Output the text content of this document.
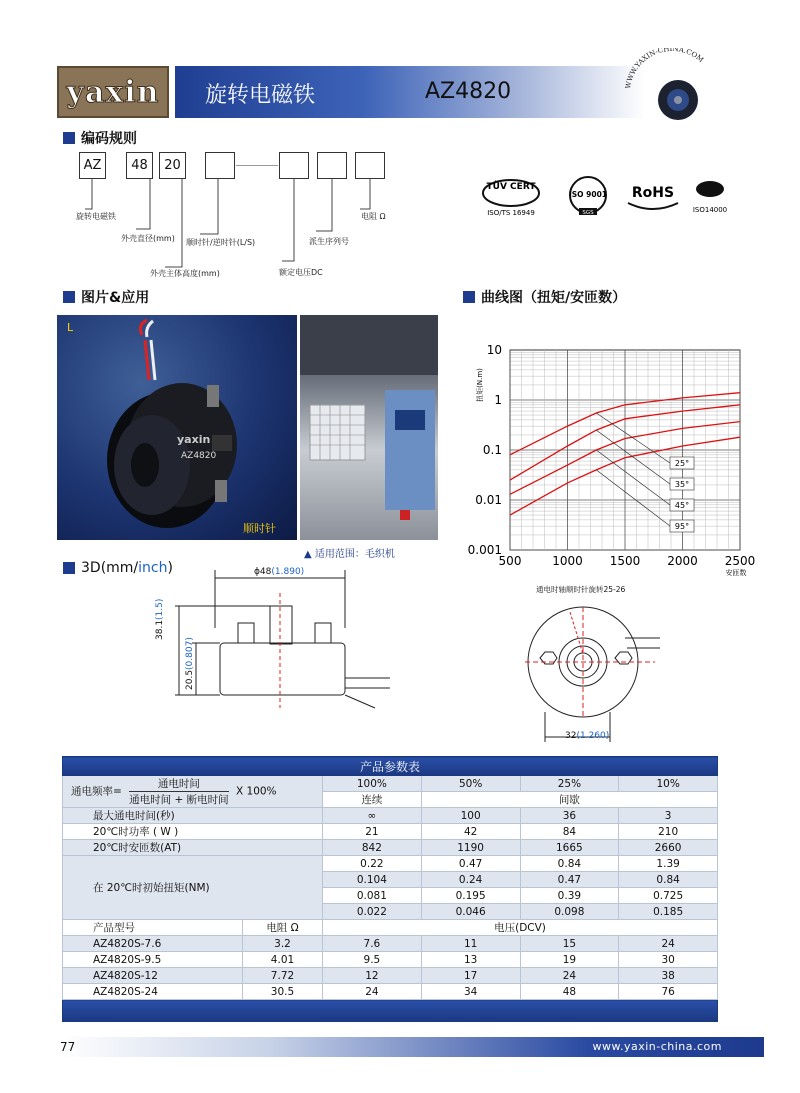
yaxin 旋转电磁铁	AZ4820	WWW.YAXIN-CHINA.COM
编码规则
AZ	48	20
旋转电磁铁
外壳直径(mm)
外壳主体高度(mm)
顺时针/逆时针(L/S)
额定电压DC
派生序列号
电阻 Ω
TÜV CERT
ISO/TS 16949
ISO 9001
SGS
RoHS
ISO14000
图片&应用
L
yaxin
AZ4820
顺时针
▲ 适用范围：毛织机
曲线图（扭矩/安匝数）
10
1
0.1
0.01
0.001
500	1000 1500 2000 2500
扭矩(N.m)
安匝数
25°
35°
45°
95°
3D(mm/inch)	ϕ48(1.890)
38.1(1.5)
20.5(0.807)
通电时轴顺时针旋转25-26
32(1.260)
产品参数表					
通电频率=
通电时间
通电时间 + 断电时间
X 100%		100%	50%	25%	10%
		连续	间歇		
最大通电时间(秒)		∞	100	36	3
20℃时功率 ( W )		21	42	84	210
20℃时安匝数(AT)		842	1190	1665	2660
在 20℃时初始扭矩(NM)		0.22	0.47	0.84	1.39
		0.104	0.24	0.47	0.84
		0.081	0.195	0.39	0.725
		0.022	0.046	0.098	0.185
产品型号	电阻 Ω	电压(DCV)			
AZ4820S-7.6	3.2	7.6	11	15	24
AZ4820S-9.5	4.01	9.5	13	19	30
AZ4820S-12	7.72	12	17	24	38
AZ4820S-24	30.5	24	34	48	76

www.yaxin-china.com
77
